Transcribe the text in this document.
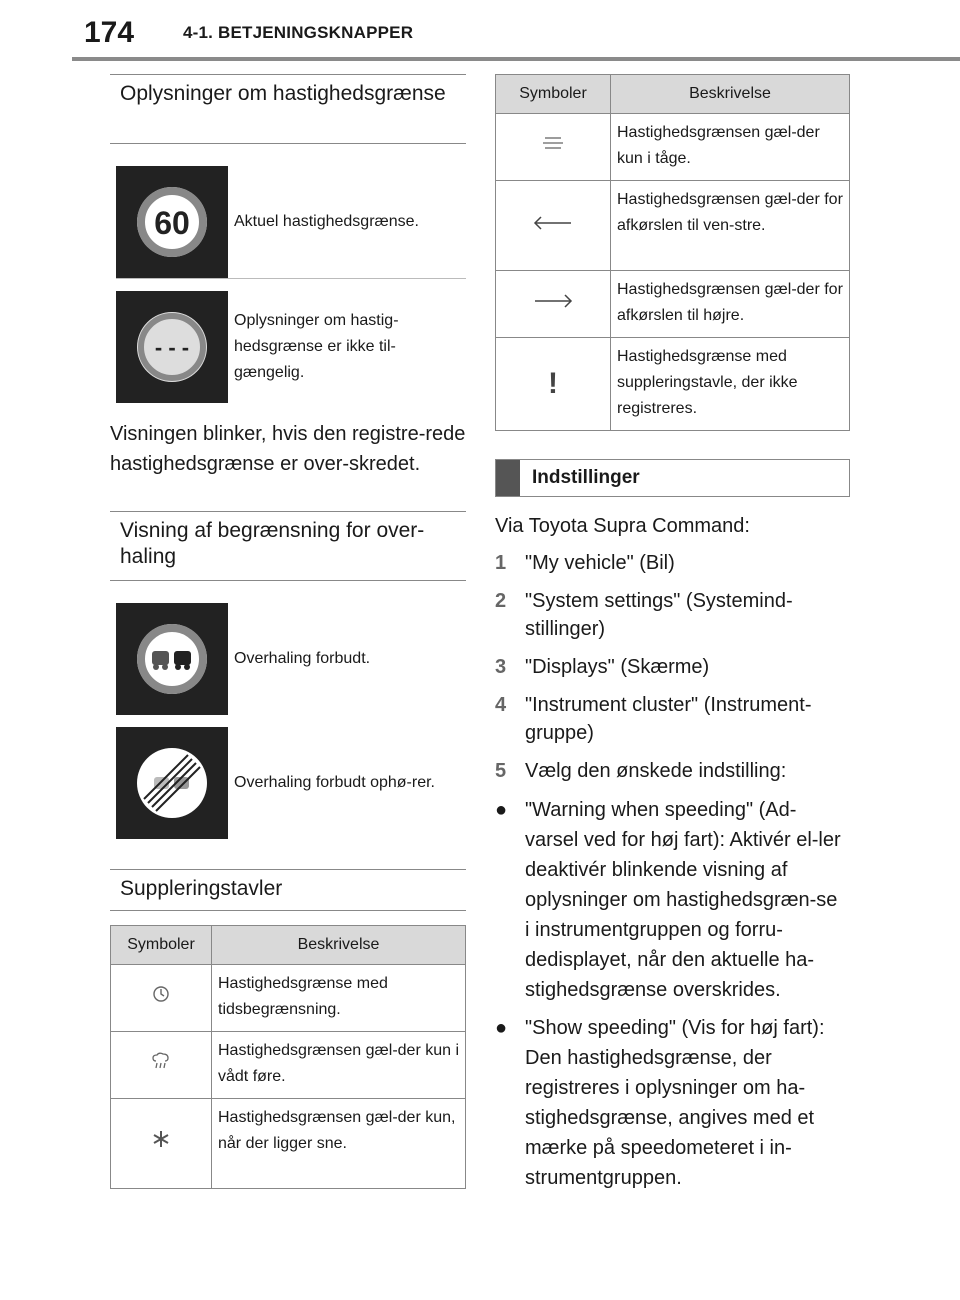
174	4-1. BETJENINGSKNAPPER
Oplysninger om hastighedsgrænse
60	Aktuel hastighedsgrænse.
- - -
Oplysninger om hastig-hedsgrænse er ikke til-gængelig.
Visningen blinker, hvis den registre-rede hastighedsgrænse er over-skredet.
Visning af begrænsning for over-haling
Overhaling forbudt.
Overhaling forbudt ophø-rer.
Suppleringstavler
Symboler	Beskrivelse
	Hastighedsgrænse med tidsbegrænsning.
	Hastighedsgrænsen gæl-der kun i vådt føre.
	Hastighedsgrænsen gæl-der kun, når der ligger sne.
Symboler	Beskrivelse
	Hastighedsgrænsen gæl-der kun i tåge.
	Hastighedsgrænsen gæl-der for afkørslen til ven-stre.
	Hastighedsgrænsen gæl-der for afkørslen til højre.
!	Hastighedsgrænse med suppleringstavle, der ikke registreres.
Indstillinger
Via Toyota Supra Command:
1 "My vehicle" (Bil)
2 "System settings" (Systemind-stillinger)
3 "Displays" (Skærme)
4 "Instrument cluster" (Instrument-gruppe)
5 Vælg den ønskede indstilling:
● "Warning when speeding" (Ad-varsel ved for høj fart): Aktivér el-ler deaktivér blinkende visning af oplysninger om hastighedsgræn-se i instrumentgruppen og forru-dedisplayet, når den aktuelle ha-stighedsgrænse overskrides.
● "Show speeding" (Vis for høj fart): Den hastighedsgrænse, der registreres i oplysninger om ha-stighedsgrænse, angives med et mærke på speedometeret i in-strumentgruppen.
